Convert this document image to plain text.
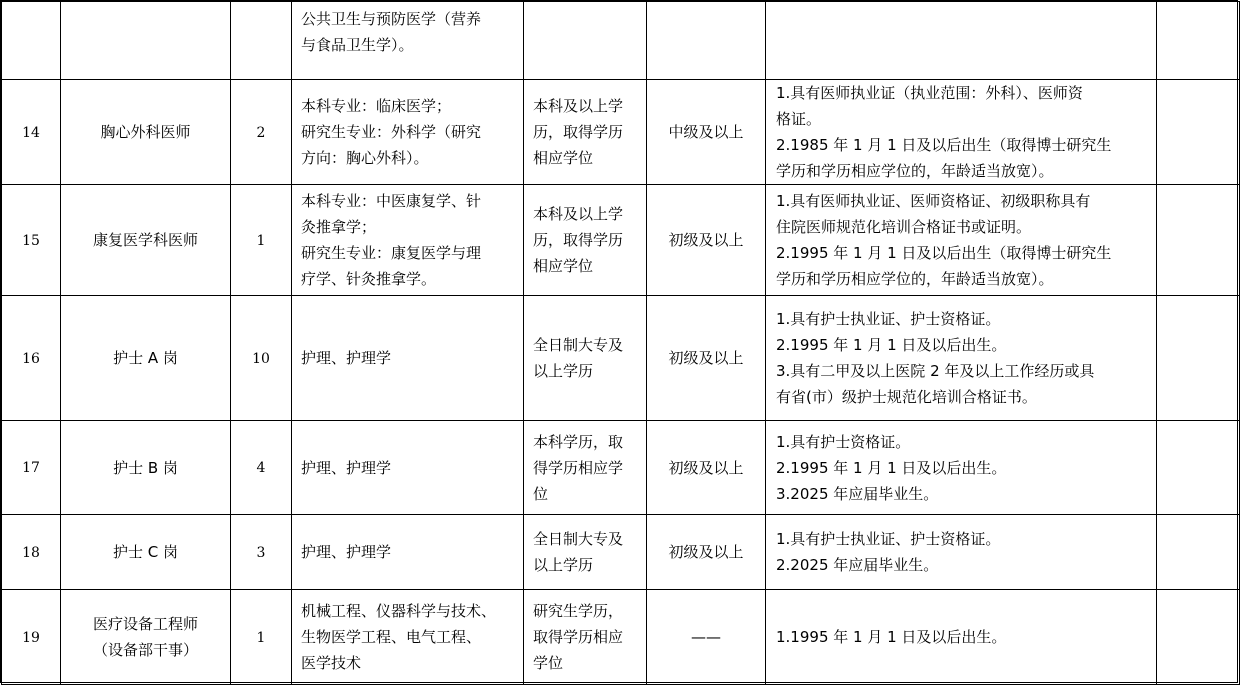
			公共卫生与预防医学（营养
与食品卫生学）。				

14	胸心外科医师	2	本科专业：临床医学；
研究生专业：外科学（研究
方向：胸心外科）。	本科及以上学
历，取得学历
相应学位	中级及以上	1.具有医师执业证（执业范围：外科）、医师资
格证。
2.1985 年 1 月 1 日及以后出生（取得博士研究生
学历和学历相应学位的，年龄适当放宽）。	

15	康复医学科医师	1	本科专业：中医康复学、针
灸推拿学；
研究生专业：康复医学与理
疗学、针灸推拿学。	本科及以上学
历，取得学历
相应学位	初级及以上	1.具有医师执业证、医师资格证、初级职称具有
住院医师规范化培训合格证书或证明。
2.1995 年 1 月 1 日及以后出生（取得博士研究生
学历和学历相应学位的，年龄适当放宽）。	

16	护士 A 岗	10	护理、护理学	全日制大专及
以上学历	初级及以上	1.具有护士执业证、护士资格证。
2.1995 年 1 月 1 日及以后出生。
3.具有二甲及以上医院 2 年及以上工作经历或具
有省(市）级护士规范化培训合格证书。	

17	护士 B 岗	4	护理、护理学	本科学历，取
得学历相应学
位	初级及以上	1.具有护士资格证。
2.1995 年 1 月 1 日及以后出生。
3.2025 年应届毕业生。	

18	护士 C 岗	3	护理、护理学	全日制大专及
以上学历	初级及以上	1.具有护士执业证、护士资格证。
2.2025 年应届毕业生。	

19	医疗设备工程师
（设备部干事）	1	机械工程、仪器科学与技术、
生物医学工程、电气工程、
医学技术	研究生学历，
取得学历相应
学位	——	1.1995 年 1 月 1 日及以后出生。	
